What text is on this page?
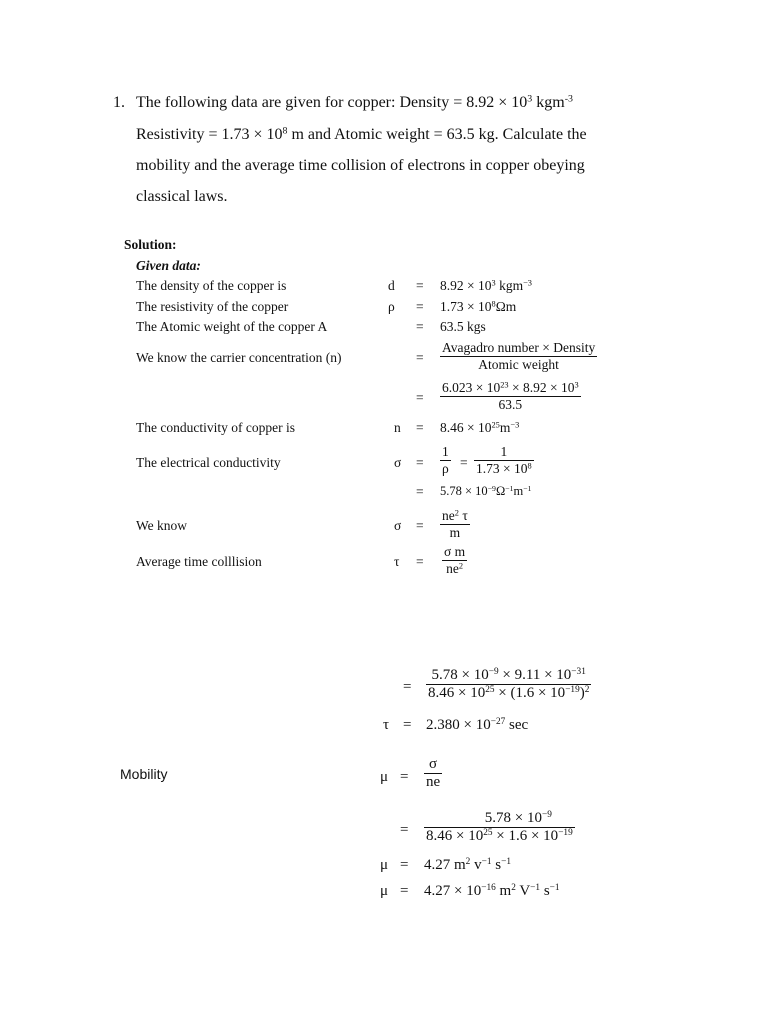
1. The following data are given for copper: Density = $8.92 \times 10^3$ kgm$^{-3}$
Resistivity = $1.73 \times 10^8$ m and Atomic weight = 63.5 kg. Calculate the
mobility and the average time collision of electrons in copper obeying
classical laws.
Solution:
Given data:
The density of the copper is	$d = 8.92 \times 10^3$ kgm$^{-3}$
The resistivity of the copper	$\rho = 1.73 \times 10^8\Omega m$
The Atomic weight of the copper A	= 63.5 kgs
We know the carrier concentration (n)	=
Avagadro number × Density
Atomic weight
= $\frac{6.023 \times 10^{23} \times 8.92 \times 10^3}{63.5}$
The conductivity of copper is	$n = 8.46 \times 10^{25}m^{-3}$
The electrical conductivity	$\sigma = \frac{1}{\rho} = \frac{1}{1.73 \times 10^8}$
= $5.78 \times 10^{-9}\Omega^{-1}m^{-1}$
We know	$\sigma = \frac{ne^2 \tau}{m}$
Average time colllision	$\tau = \frac{\text{σ m}}{ne^2}$
= $\frac{5.78 \times 10^{-9} \times 9.11 \times 10^{-31}}{8.46 \times 10^{25} \times (1.6 \times 10^{-19})^2}$
$\tau = 2.380 \times 10^{-27}$ sec
Mobility	$\mu = \frac{\sigma}{ne}$
= $\frac{5.78 \times 10^{-9}}{8.46 \times 10^{25} \times 1.6 \times 10^{-19}}$
μ = 4.27 $m^2$ $v^{-1}$ $s^{-1}$
$\mu = 4.27 \times 10^{-16}$ $m^2$ $V^{-1}$ $s^{-1}$
